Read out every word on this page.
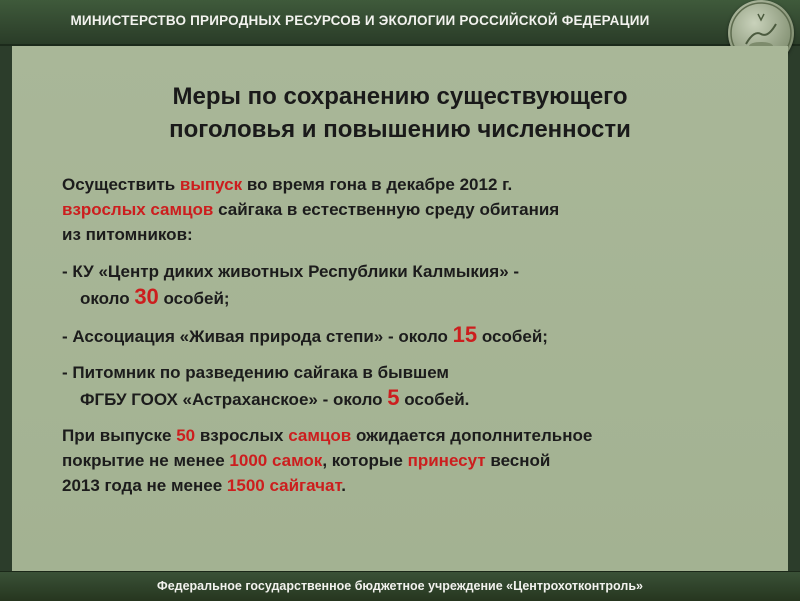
МИНИСТЕРСТВО ПРИРОДНЫХ РЕСУРСОВ И ЭКОЛОГИИ РОССИЙСКОЙ ФЕДЕРАЦИИ
Меры по сохранению существующего
поголовья и повышению численности

Осуществить выпуск во время гона в декабре 2012 г.
взрослых самцов сайгака в естественную среду обитания
из питомников:

- КУ «Центр диких животных Республики Калмыкия» -
около 30 особей;

- Ассоциация «Живая природа степи» - около 15 особей;

- Питомник по разведению сайгака в бывшем
ФГБУ ГООХ «Астраханское» - около 5 особей.

При выпуске 50 взрослых самцов ожидается дополнительное
покрытие не менее 1000 самок, которые принесут весной
2013 года не менее 1500 сайгачат.

Федеральное государственное бюджетное учреждение «Центрохотконтроль»
